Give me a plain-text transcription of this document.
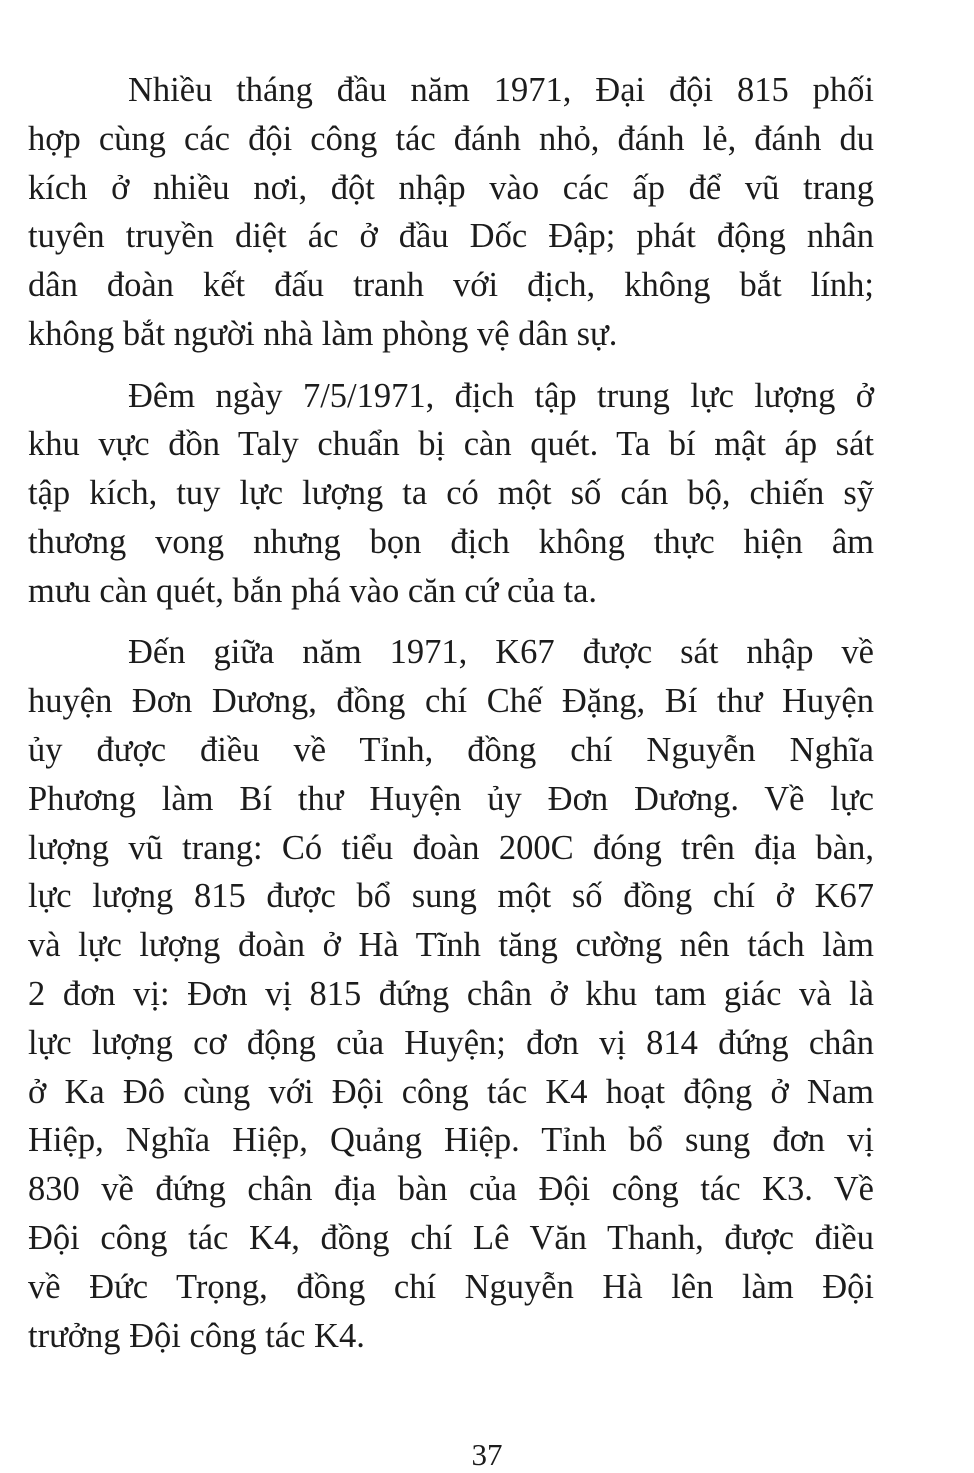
Nhiều tháng đầu năm 1971, Đại đội 815 phối
hợp cùng các đội công tác đánh nhỏ, đánh lẻ, đánh du
kích ở nhiều nơi, đột nhập vào các ấp để vũ trang
tuyên truyền diệt ác ở đầu Dốc Đập; phát động nhân
dân đoàn kết đấu tranh với địch, không bắt lính;
không bắt người nhà làm phòng vệ dân sự.

Đêm ngày 7/5/1971, địch tập trung lực lượng ở
khu vực đồn Taly chuẩn bị càn quét. Ta bí mật áp sát
tập kích, tuy lực lượng ta có một số cán bộ, chiến sỹ
thương vong nhưng bọn địch không thực hiện âm
mưu càn quét, bắn phá vào căn cứ của ta.

Đến giữa năm 1971, K67 được sát nhập về
huyện Đơn Dương, đồng chí Chế Đặng, Bí thư Huyện
ủy được điều về Tỉnh, đồng chí Nguyễn Nghĩa
Phương làm Bí thư Huyện ủy Đơn Dương. Về lực
lượng vũ trang: Có tiểu đoàn 200C đóng trên địa bàn,
lực lượng 815 được bổ sung một số đồng chí ở K67
và lực lượng đoàn ở Hà Tĩnh tăng cường nên tách làm
2 đơn vị: Đơn vị 815 đứng chân ở khu tam giác và là
lực lượng cơ động của Huyện; đơn vị 814 đứng chân
ở Ka Đô cùng với Đội công tác K4 hoạt động ở Nam
Hiệp, Nghĩa Hiệp, Quảng Hiệp. Tỉnh bổ sung đơn vị
830 về đứng chân địa bàn của Đội công tác K3. Về
Đội công tác K4, đồng chí Lê Văn Thanh, được điều
về Đức Trọng, đồng chí Nguyễn Hà lên làm Đội
trưởng Đội công tác K4.

37
